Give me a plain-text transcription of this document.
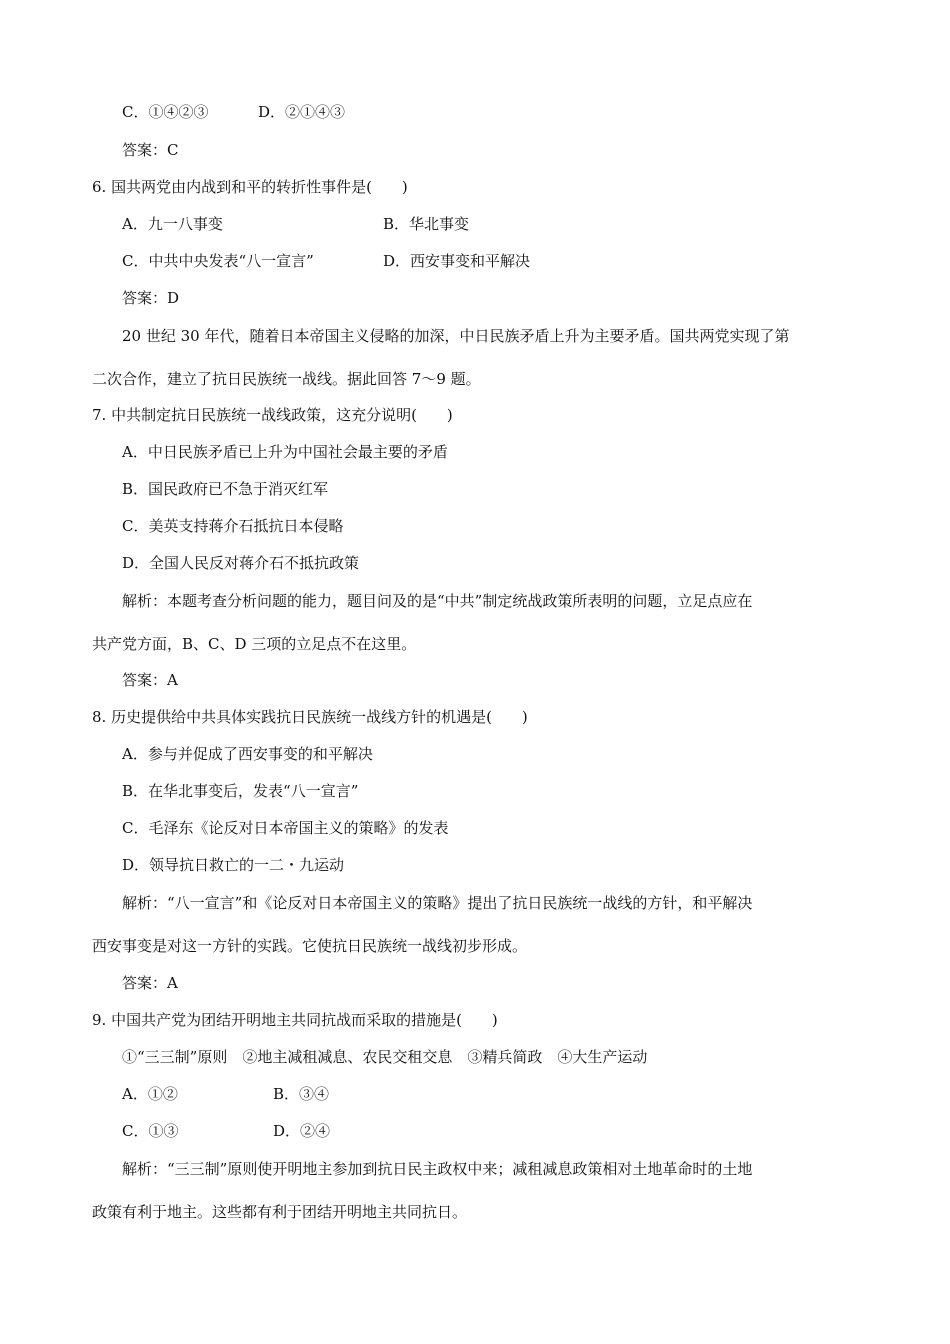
C．①④②③	D．②①④③
答案：C
6. 国共两党由内战到和平的转折性事件是(　　)
A．九一八事变	B．华北事变
C．中共中央发表“八一宣言”	D．西安事变和平解决
答案：D
20 世纪 30 年代，随着日本帝国主义侵略的加深，中日民族矛盾上升为主要矛盾。国共两党实现了第
二次合作，建立了抗日民族统一战线。据此回答 7～9 题。
7. 中共制定抗日民族统一战线政策，这充分说明(　　)
A．中日民族矛盾已上升为中国社会最主要的矛盾
B．国民政府已不急于消灭红军
C．美英支持蒋介石抵抗日本侵略
D．全国人民反对蒋介石不抵抗政策
解析：本题考查分析问题的能力，题目问及的是“中共”制定统战政策所表明的问题，立足点应在
共产党方面，B、C、D 三项的立足点不在这里。
答案：A
8. 历史提供给中共具体实践抗日民族统一战线方针的机遇是(　　)
A．参与并促成了西安事变的和平解决
B．在华北事变后，发表“八一宣言”
C．毛泽东《论反对日本帝国主义的策略》的发表
D．领导抗日救亡的一二・九运动
解析：“八一宣言”和《论反对日本帝国主义的策略》提出了抗日民族统一战线的方针，和平解决
西安事变是对这一方针的实践。它使抗日民族统一战线初步形成。
答案：A
9. 中国共产党为团结开明地主共同抗战而采取的措施是(　　)
①“三三制”原则　②地主减租减息、农民交租交息　③精兵简政　④大生产运动
A．①②	B．③④
C．①③	D．②④
解析：“三三制”原则使开明地主参加到抗日民主政权中来；减租减息政策相对土地革命时的土地
政策有利于地主。这些都有利于团结开明地主共同抗日。
